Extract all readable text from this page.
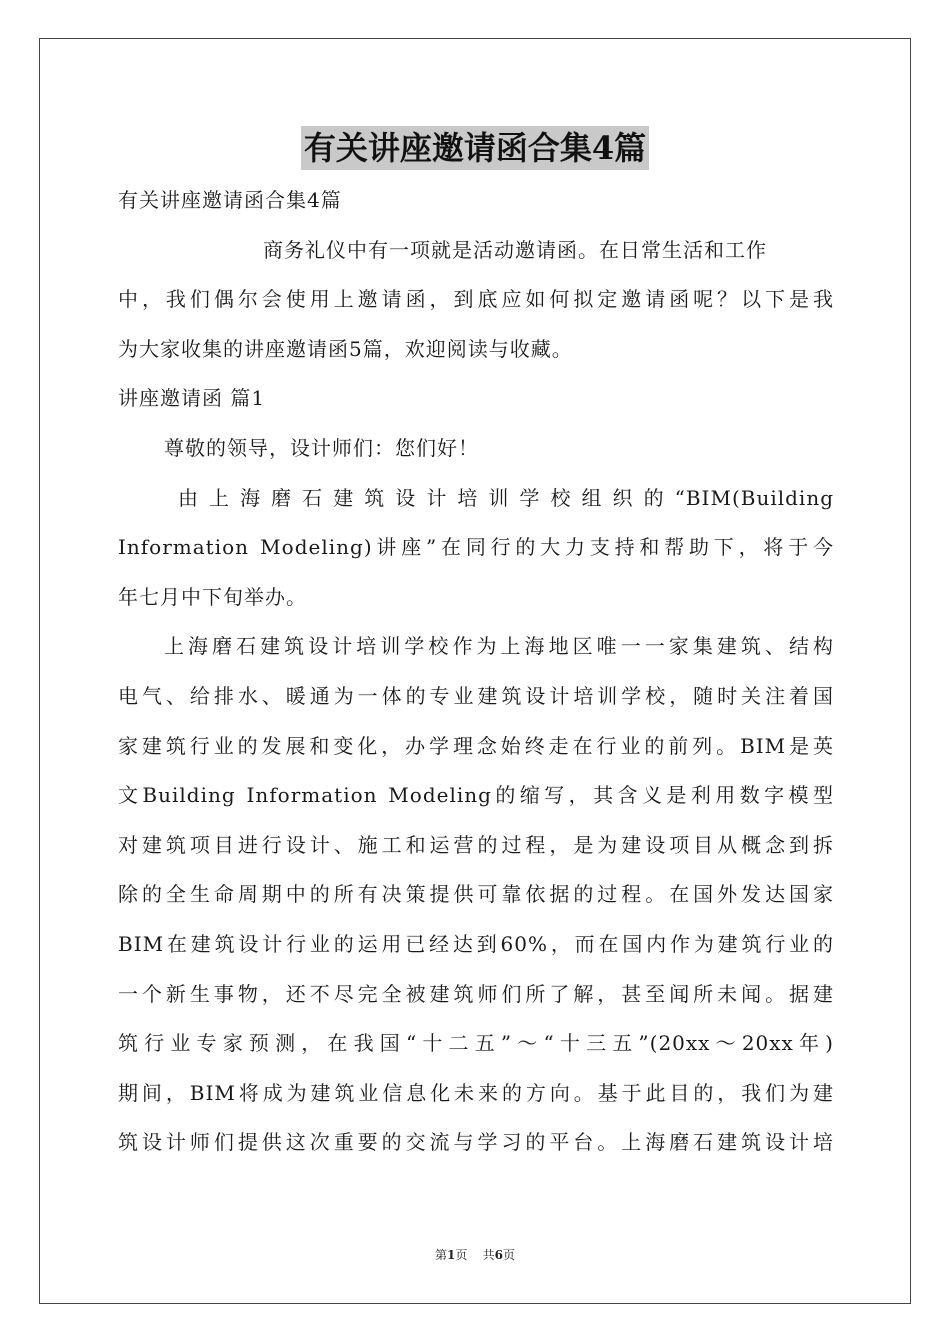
有关讲座邀请函合集4篇
有关讲座邀请函合集4篇
商务礼仪中有一项就是活动邀请函。在日常生活和工作
中，我们偶尔会使用上邀请函，到底应如何拟定邀请函呢？以下是我
为大家收集的讲座邀请函5篇，欢迎阅读与收藏。
讲座邀请函 篇1
尊敬的领导，设计师们：您们好！
由上海磨石建筑设计培训学校组织的“BIM(Building
Information Modeling)讲座”在同行的大力支持和帮助下，将于今
年七月中下旬举办。
上海磨石建筑设计培训学校作为上海地区唯一一家集建筑、结构
电气、给排水、暖通为一体的专业建筑设计培训学校，随时关注着国
家建筑行业的发展和变化，办学理念始终走在行业的前列。BIM是英
文Building Information Modeling的缩写，其含义是利用数字模型
对建筑项目进行设计、施工和运营的过程，是为建设项目从概念到拆
除的全生命周期中的所有决策提供可靠依据的过程。在国外发达国家
BIM在建筑设计行业的运用已经达到60%，而在国内作为建筑行业的
一个新生事物，还不尽完全被建筑师们所了解，甚至闻所未闻。据建
筑行业专家预测，在我国“十二五”～“十三五”(20xx～20xx年)
期间，BIM将成为建筑业信息化未来的方向。基于此目的，我们为建
筑设计师们提供这次重要的交流与学习的平台。上海磨石建筑设计培
第1页 共6页
